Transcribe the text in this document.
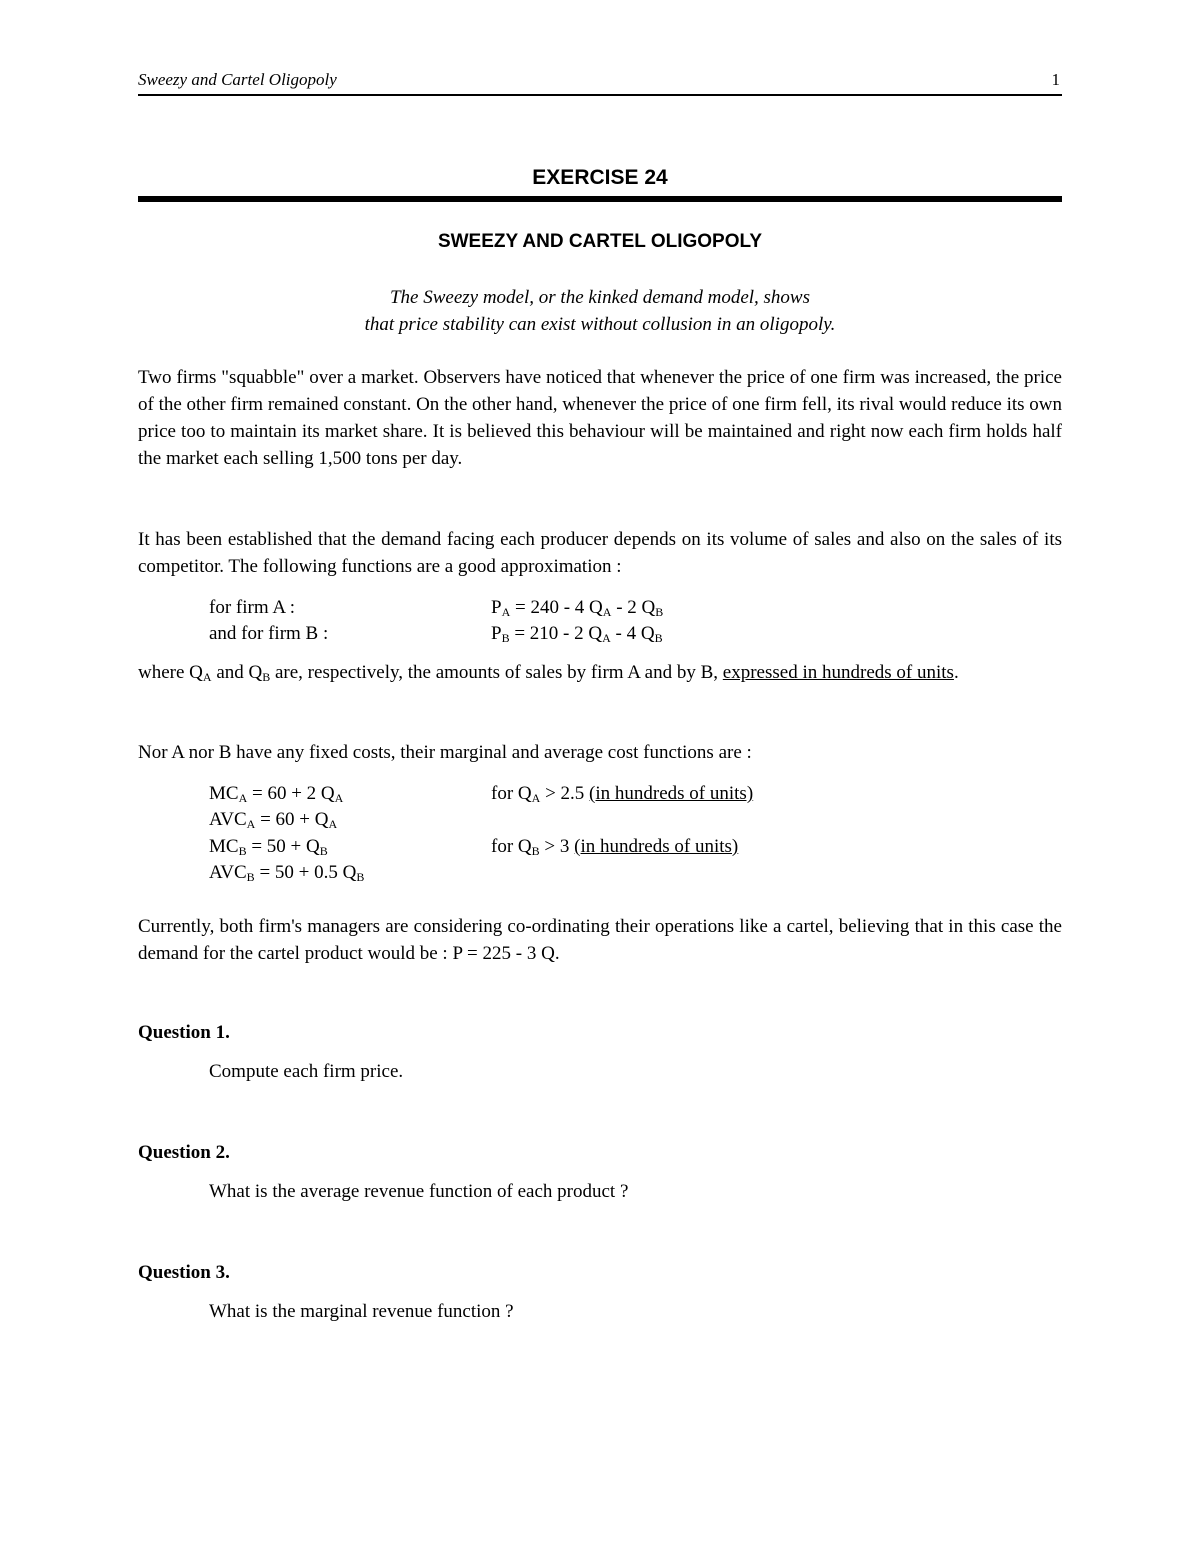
Sweezy and Cartel Oligopoly	1
EXERCISE 24
SWEEZY AND CARTEL OLIGOPOLY
The Sweezy model, or the kinked demand model, shows
that price stability can exist without collusion in an oligopoly.
Two firms "squabble" over a market. Observers have noticed that whenever the price of one firm was increased, the price of the other firm remained constant. On the other hand, whenever the price of one firm fell, its rival would reduce its own price too to maintain its market share. It is believed this behaviour will be maintained and right now each firm holds half the market each selling 1,500 tons per day.
It has been established that the demand facing each producer depends on its volume of sales and also on the sales of its competitor. The following functions are a good approximation :
for firm A :	$P_A = 240 - 4$ $Q_A - 2$ $Q_B$
and for firm B :	$P_B = 210 - 2$ $Q_A - 4$ $Q_B$
where $Q_A$ and $Q_B$ are, respectively, the amounts of sales by firm A and by B, expressed in hundreds of units.
Nor A nor B have any fixed costs, their marginal and average cost functions are :
$MC_A = 60 + 2$ $Q_A$	for $Q_A > 2.5$ (in hundreds of units)
$AVC_A = 60 + Q_A$
$MC_B = 50 + Q_B$	for $Q_B > 3$ (in hundreds of units)
$AVC_B = 50 + 0.5$ $Q_B$
Currently, both firm's managers are considering co-ordinating their operations like a cartel, believing that in this case the demand for the cartel product would be : P = 225 - 3 Q.
Question 1.
Compute each firm price.
Question 2.
What is the average revenue function of each product ?
Question 3.
What is the marginal revenue function ?
